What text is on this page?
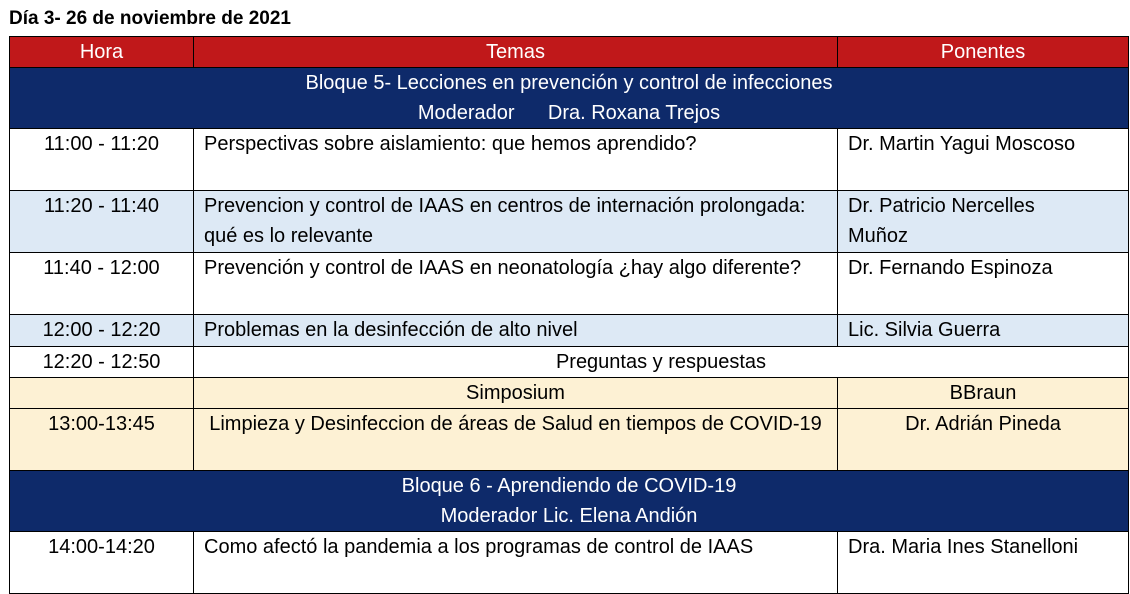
Día 3- 26 de noviembre de 2021
Hora	Temas	Ponentes

Bloque 5- Lecciones en prevención y control de infecciones
Moderador      Dra. Roxana Trejos		

11:00 - 11:20	Perspectivas sobre aislamiento: que hemos aprendido?	Dr. Martin Yagui Moscoso
11:20 - 11:40	Prevencion y control de IAAS en centros de internación prolongada: qué es lo relevante	Dr. Patricio Nercelles Muñoz
11:40 - 12:00	Prevención y control de IAAS en neonatología ¿hay algo diferente?	Dr. Fernando Espinoza
12:00 - 12:20	Problemas en la desinfección de alto nivel	Lic. Silvia Guerra
12:20 - 12:50	Preguntas y respuestas	
	Simposium	BBraun
13:00-13:45	Limpieza y Desinfeccion de áreas de Salud en tiempos de COVID-19	Dr. Adrián Pineda

Bloque 6 - Aprendiendo de COVID-19
Moderador Lic. Elena Andión		

14:00-14:20	Como afectó la pandemia a los programas de control de IAAS	Dra. Maria Ines Stanelloni
